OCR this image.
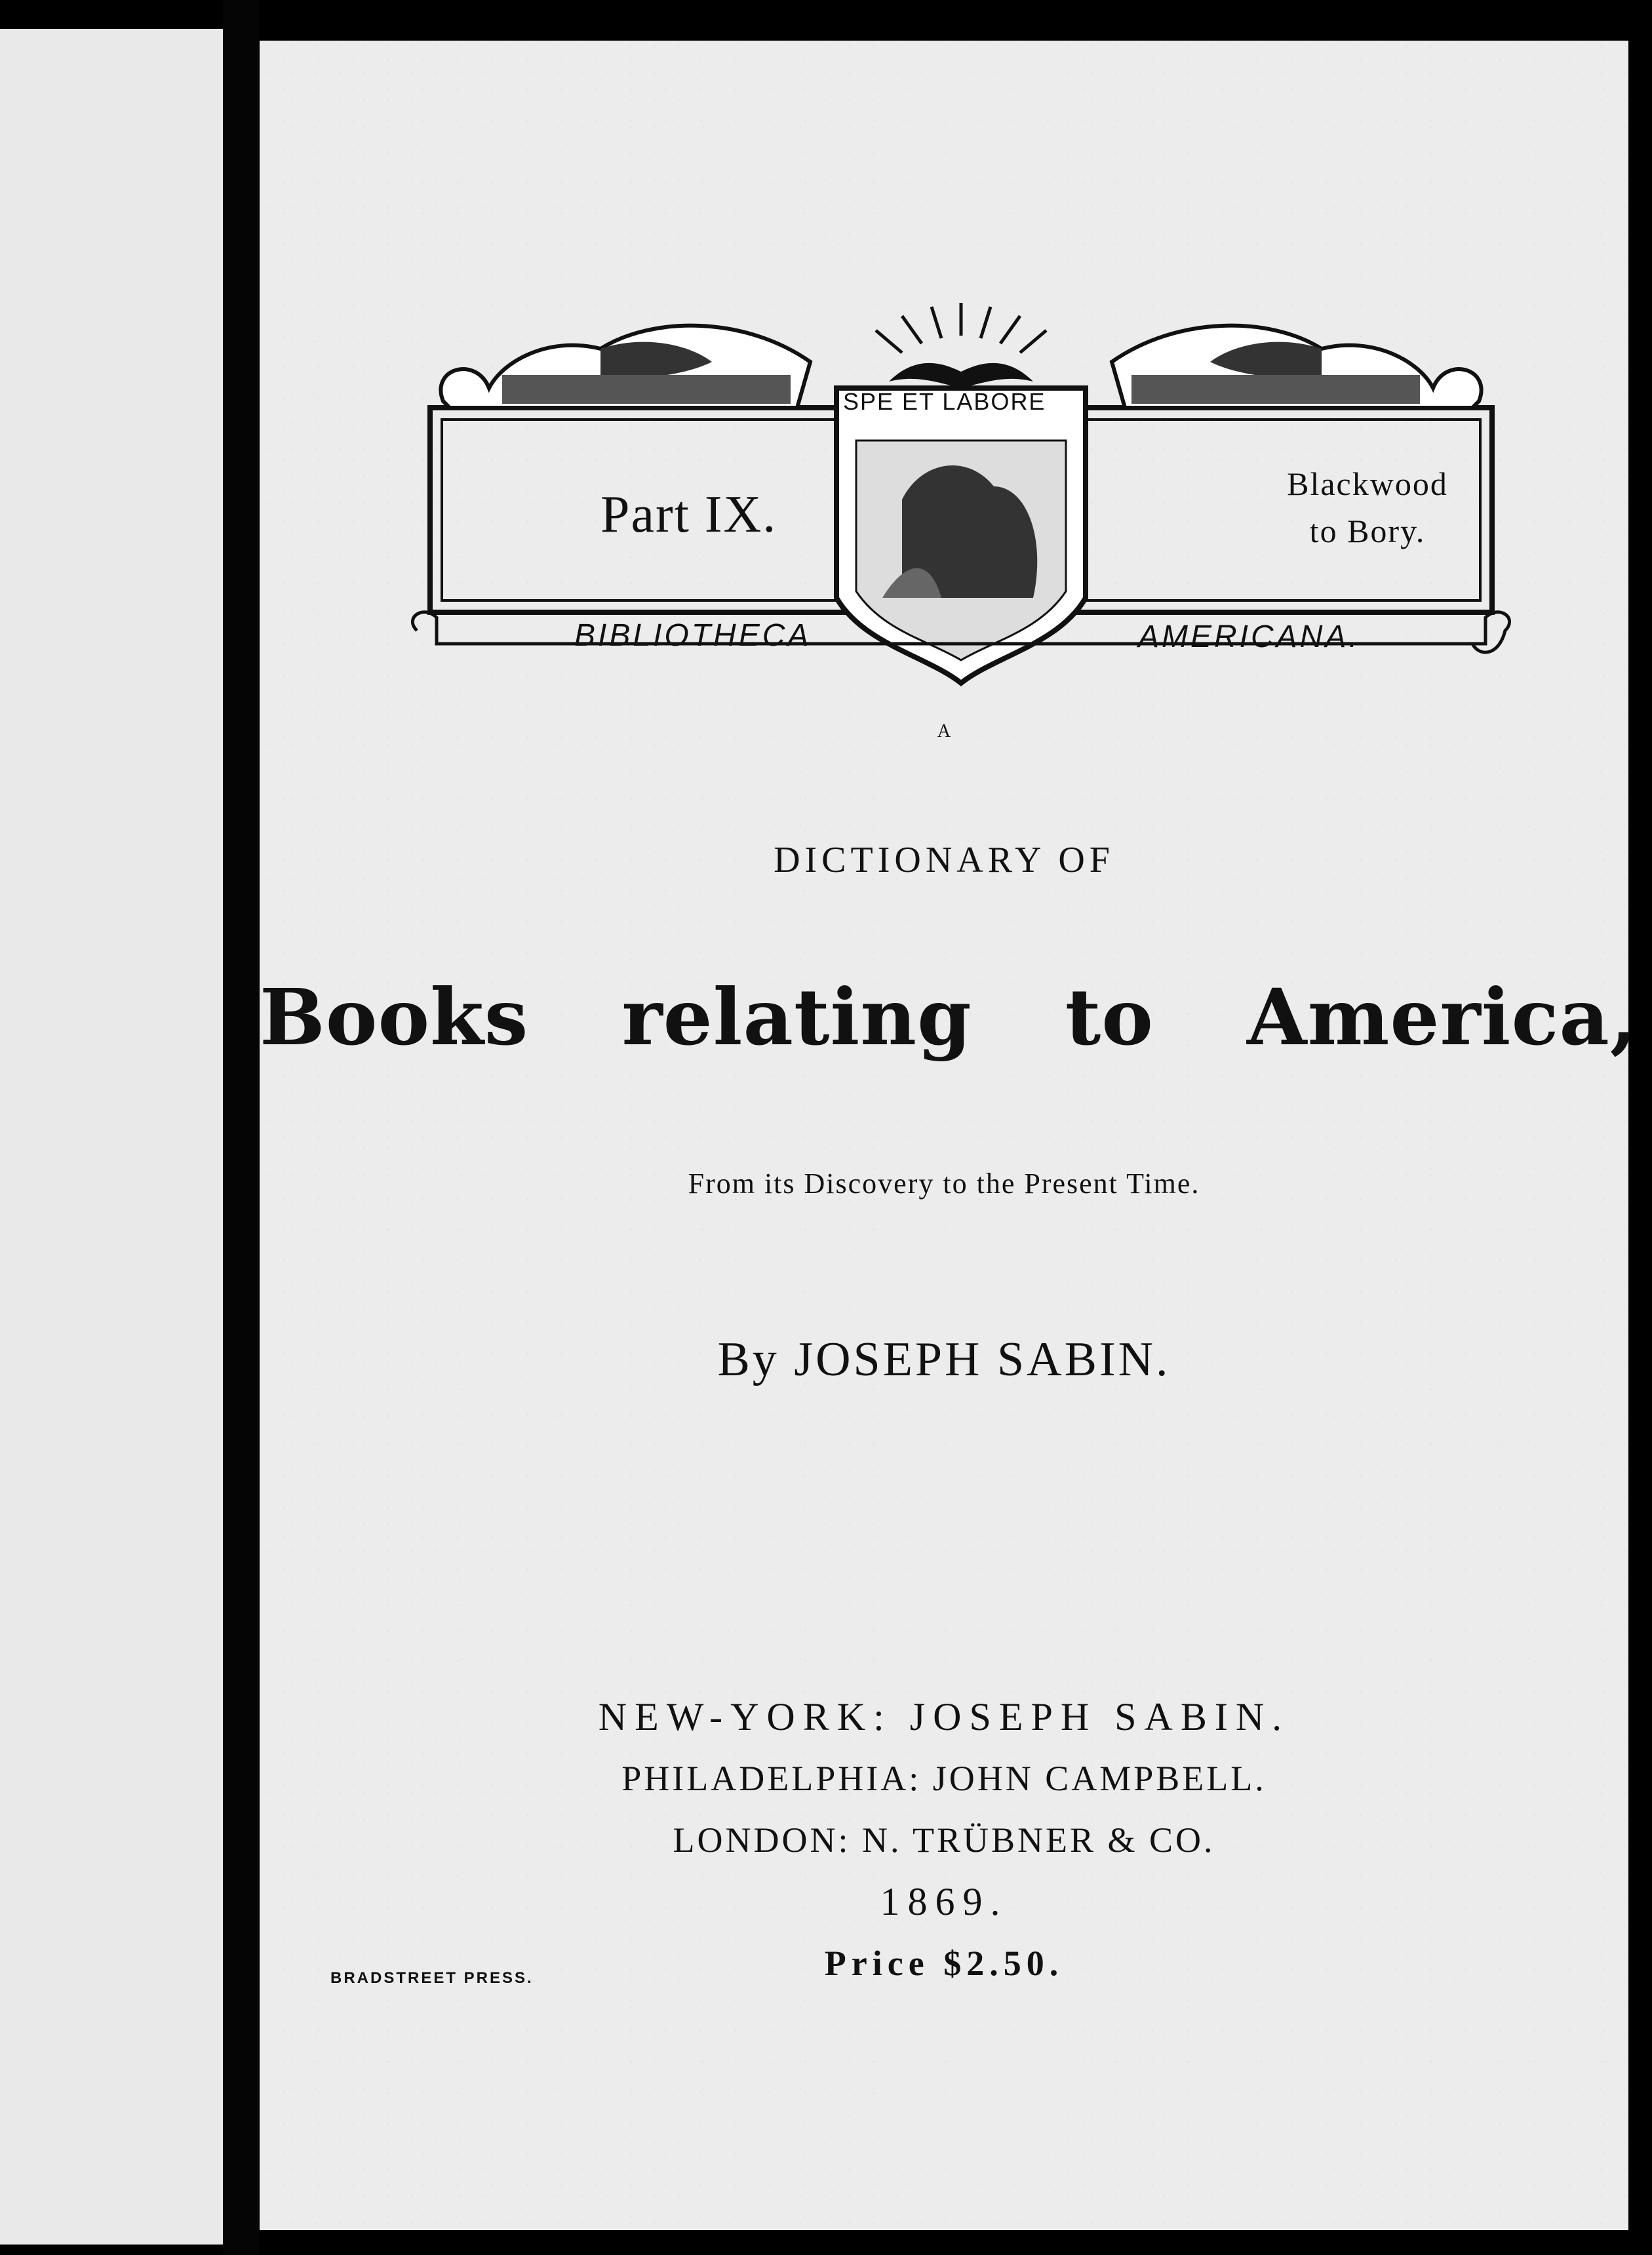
Part IX.
Blackwood
to Bory.
SPE ET LABORE
BIBLIOTHECA	AMERICANA.
A
DICTIONARY OF
Books relating to America,
From its Discovery to the Present Time.
By JOSEPH SABIN.
NEW-YORK: JOSEPH SABIN.
PHILADELPHIA: JOHN CAMPBELL.
LONDON: N. TRÜBNER & CO.
1869.
Price $2.50.
BRADSTREET PRESS.
